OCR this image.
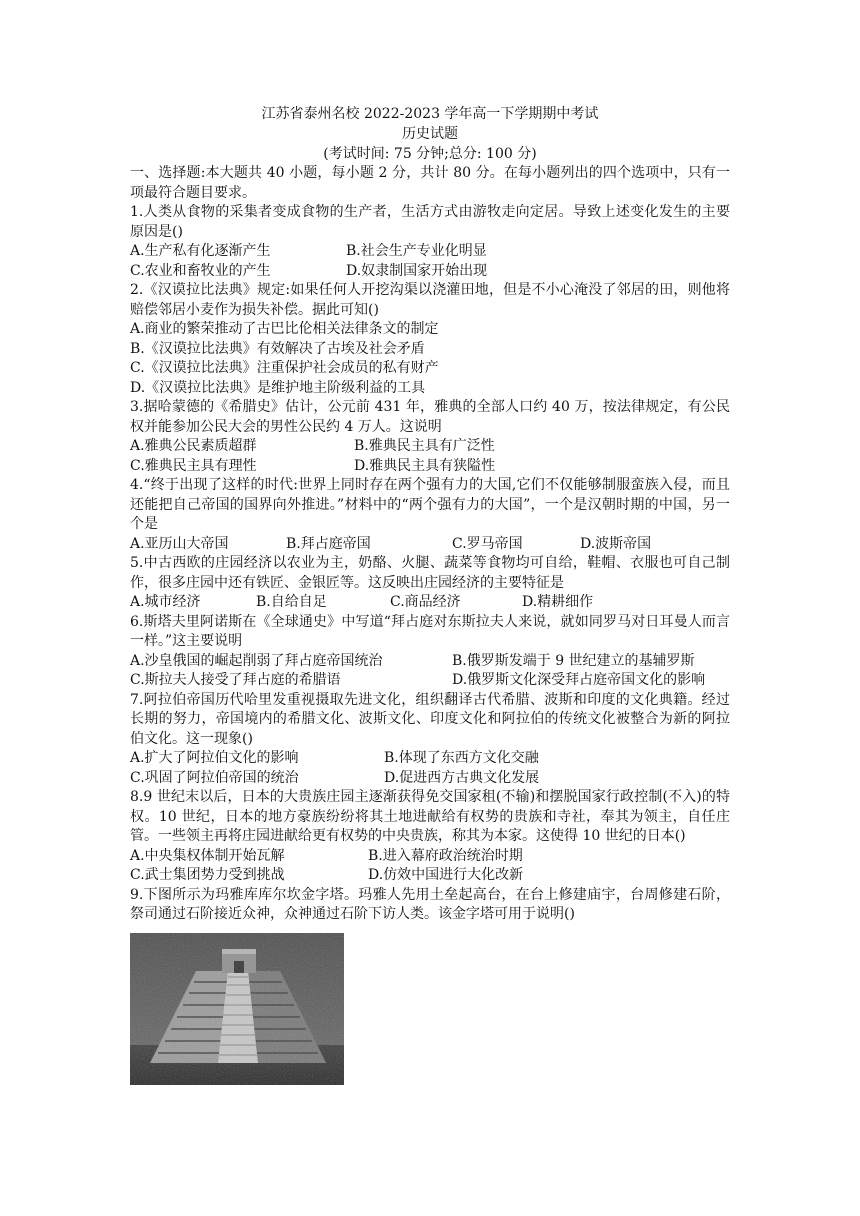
江苏省泰州名校 2022-2023 学年高一下学期期中考试
历史试题
(考试时间: 75 分钟;总分: 100 分)
一、选择题:本大题共 40 小题，每小题 2 分，共计 80 分。在每小题列出的四个选项中，只有一项最符合题目要求。
1.人类从食物的采集者变成食物的生产者，生活方式由游牧走向定居。导致上述变化发生的主要原因是()
A.生产私有化逐渐产生	B.社会生产专业化明显
C.农业和畜牧业的产生	D.奴隶制国家开始出现
2.《汉谟拉比法典》规定:如果任何人开挖沟渠以浇灌田地，但是不小心淹没了邻居的田，则他将赔偿邻居小麦作为损失补偿。据此可知()
A.商业的繁荣推动了古巴比伦相关法律条文的制定
B.《汉谟拉比法典》有效解决了古埃及社会矛盾
C.《汉谟拉比法典》注重保护社会成员的私有财产
D.《汉谟拉比法典》是维护地主阶级利益的工具
3.据哈蒙德的《希腊史》估计，公元前 431 年，雅典的全部人口约 40 万，按法律规定，有公民权并能参加公民大会的男性公民约 4 万人。这说明
A.雅典公民素质超群	B.雅典民主具有广泛性
C.雅典民主具有理性	D.雅典民主具有狭隘性
4.“终于出现了这样的时代:世界上同时存在两个强有力的大国,它们不仅能够制服蛮族入侵，而且还能把自己帝国的国界向外推进。”材料中的“两个强有力的大国”，一个是汉朝时期的中国，另一个是
A.亚历山大帝国	B.拜占庭帝国	C.罗马帝国	D.波斯帝国
5.中古西欧的庄园经济以农业为主，奶酪、火腿、蔬菜等食物均可自给，鞋帽、衣服也可自己制作，很多庄园中还有铁匠、金银匠等。这反映出庄园经济的主要特征是
A.城市经济	B.自给自足	C.商品经济	D.精耕细作
6.斯塔夫里阿诺斯在《全球通史》中写道“拜占庭对东斯拉夫人来说，就如同罗马对日耳曼人而言一样。”这主要说明
A.沙皇俄国的崛起削弱了拜占庭帝国统治	B.俄罗斯发端于 9 世纪建立的基辅罗斯
C.斯拉夫人接受了拜占庭的希腊语	D.俄罗斯文化深受拜占庭帝国文化的影响
7.阿拉伯帝国历代哈里发重视摄取先进文化，组织翻译古代希腊、波斯和印度的文化典籍。经过长期的努力，帝国境内的希腊文化、波斯文化、印度文化和阿拉伯的传统文化被整合为新的阿拉伯文化。这一现象()
A.扩大了阿拉伯文化的影响	B.体现了东西方文化交融
C.巩固了阿拉伯帝国的统治	D.促进西方古典文化发展
8.9 世纪末以后，日本的大贵族庄园主逐渐获得免交国家租(不输)和摆脱国家行政控制(不入)的特权。10 世纪，日本的地方豪族纷纷将其土地进献给有权势的贵族和寺社，奉其为领主，自任庄管。一些领主再将庄园进献给更有权势的中央贵族，称其为本家。这使得 10 世纪的日本()
A.中央集权体制开始瓦解	B.进入幕府政治统治时期
C.武士集团势力受到挑战	D.仿效中国进行大化改新
9.下图所示为玛雅库库尔坎金字塔。玛雅人先用土垒起高台，在台上修建庙宇，台周修建石阶，祭司通过石阶接近众神，众神通过石阶下访人类。该金字塔可用于说明()
